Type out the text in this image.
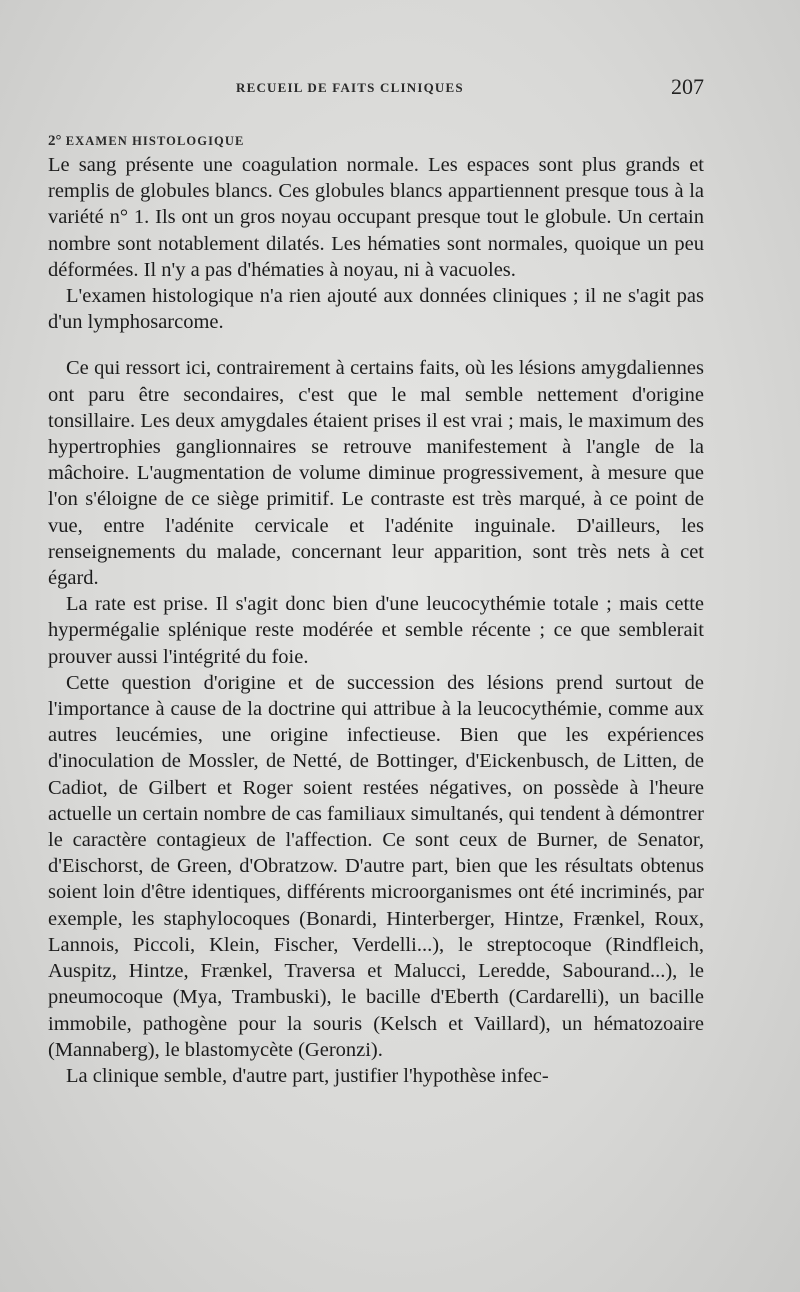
RECUEIL DE FAITS CLINIQUES	207
2° EXAMEN HISTOLOGIQUE

Le sang présente une coagulation normale. Les espaces sont plus grands et remplis de globules blancs. Ces globules blancs appartiennent presque tous à la variété n° 1. Ils ont un gros noyau occupant presque tout le globule. Un certain nombre sont notablement dilatés. Les hématies sont normales, quoique un peu déformées. Il n'y a pas d'hématies à noyau, ni à vacuoles.

L'examen histologique n'a rien ajouté aux données cliniques ; il ne s'agit pas d'un lymphosarcome.

Ce qui ressort ici, contrairement à certains faits, où les lésions amygdaliennes ont paru être secondaires, c'est que le mal semble nettement d'origine tonsillaire. Les deux amygdales étaient prises il est vrai ; mais, le maximum des hypertrophies ganglionnaires se retrouve manifestement à l'angle de la mâchoire. L'augmentation de volume diminue progressivement, à mesure que l'on s'éloigne de ce siège primitif. Le contraste est très marqué, à ce point de vue, entre l'adénite cervicale et l'adénite inguinale. D'ailleurs, les renseignements du malade, concernant leur apparition, sont très nets à cet égard.

La rate est prise. Il s'agit donc bien d'une leucocythémie totale ; mais cette hypermégalie splénique reste modérée et semble récente ; ce que semblerait prouver aussi l'intégrité du foie.

Cette question d'origine et de succession des lésions prend surtout de l'importance à cause de la doctrine qui attribue à la leucocythémie, comme aux autres leucémies, une origine infectieuse. Bien que les expériences d'inoculation de Mossler, de Netté, de Bottinger, d'Eickenbusch, de Litten, de Cadiot, de Gilbert et Roger soient restées négatives, on possède à l'heure actuelle un certain nombre de cas familiaux simultanés, qui tendent à démontrer le caractère contagieux de l'affection. Ce sont ceux de Burner, de Senator, d'Eischorst, de Green, d'Obratzow. D'autre part, bien que les résultats obtenus soient loin d'être identiques, différents microorganismes ont été incriminés, par exemple, les staphylocoques (Bonardi, Hinterberger, Hintze, Frænkel, Roux, Lannois, Piccoli, Klein, Fischer, Verdelli...), le streptocoque (Rindfleich, Auspitz, Hintze, Frænkel, Traversa et Malucci, Leredde, Sabourand...), le pneumocoque (Mya, Trambuski), le bacille d'Eberth (Cardarelli), un bacille immobile, pathogène pour la souris (Kelsch et Vaillard), un hématozoaire (Mannaberg), le blastomycète (Geronzi).

La clinique semble, d'autre part, justifier l'hypothèse infec-
